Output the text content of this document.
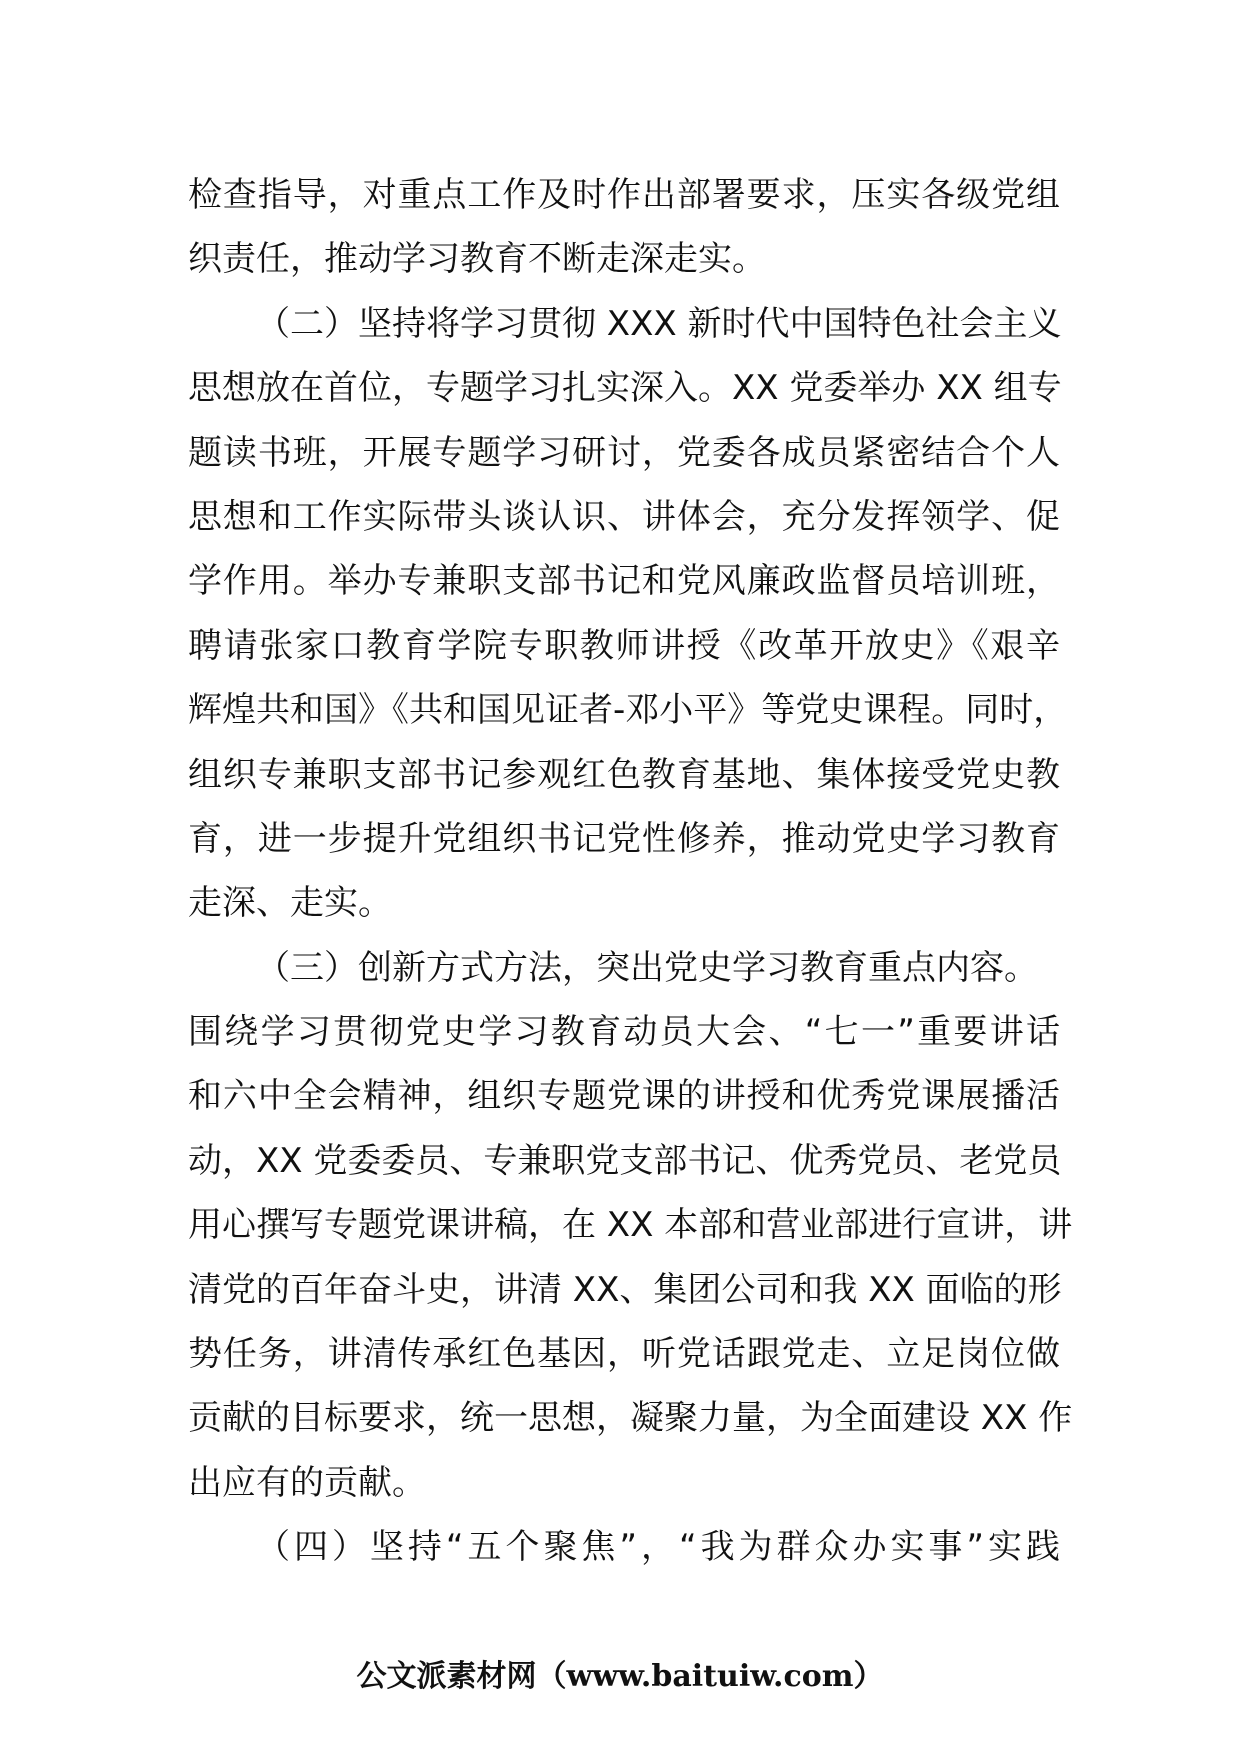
检查指导，对重点工作及时作出部署要求，压实各级党组
织责任，推动学习教育不断走深走实。
（二）坚持将学习贯彻 XXX 新时代中国特色社会主义
思想放在首位，专题学习扎实深入。XX 党委举办 XX 组专
题读书班，开展专题学习研讨，党委各成员紧密结合个人
思想和工作实际带头谈认识、讲体会，充分发挥领学、促
学作用。举办专兼职支部书记和党风廉政监督员培训班，
聘请张家口教育学院专职教师讲授《改革开放史》《艰辛
辉煌共和国》《共和国见证者-邓小平》等党史课程。同时，
组织专兼职支部书记参观红色教育基地、集体接受党史教
育，进一步提升党组织书记党性修养，推动党史学习教育
走深、走实。
（三）创新方式方法，突出党史学习教育重点内容。
围绕学习贯彻党史学习教育动员大会、“七一”重要讲话
和六中全会精神，组织专题党课的讲授和优秀党课展播活
动，XX 党委委员、专兼职党支部书记、优秀党员、老党员
用心撰写专题党课讲稿，在 XX 本部和营业部进行宣讲，讲
清党的百年奋斗史，讲清 XX、集团公司和我 XX 面临的形
势任务，讲清传承红色基因，听党话跟党走、立足岗位做
贡献的目标要求，统一思想，凝聚力量，为全面建设 XX 作
出应有的贡献。
（四）坚持“五个聚焦”，“我为群众办实事”实践
公文派素材网（www.baituiw.com）
